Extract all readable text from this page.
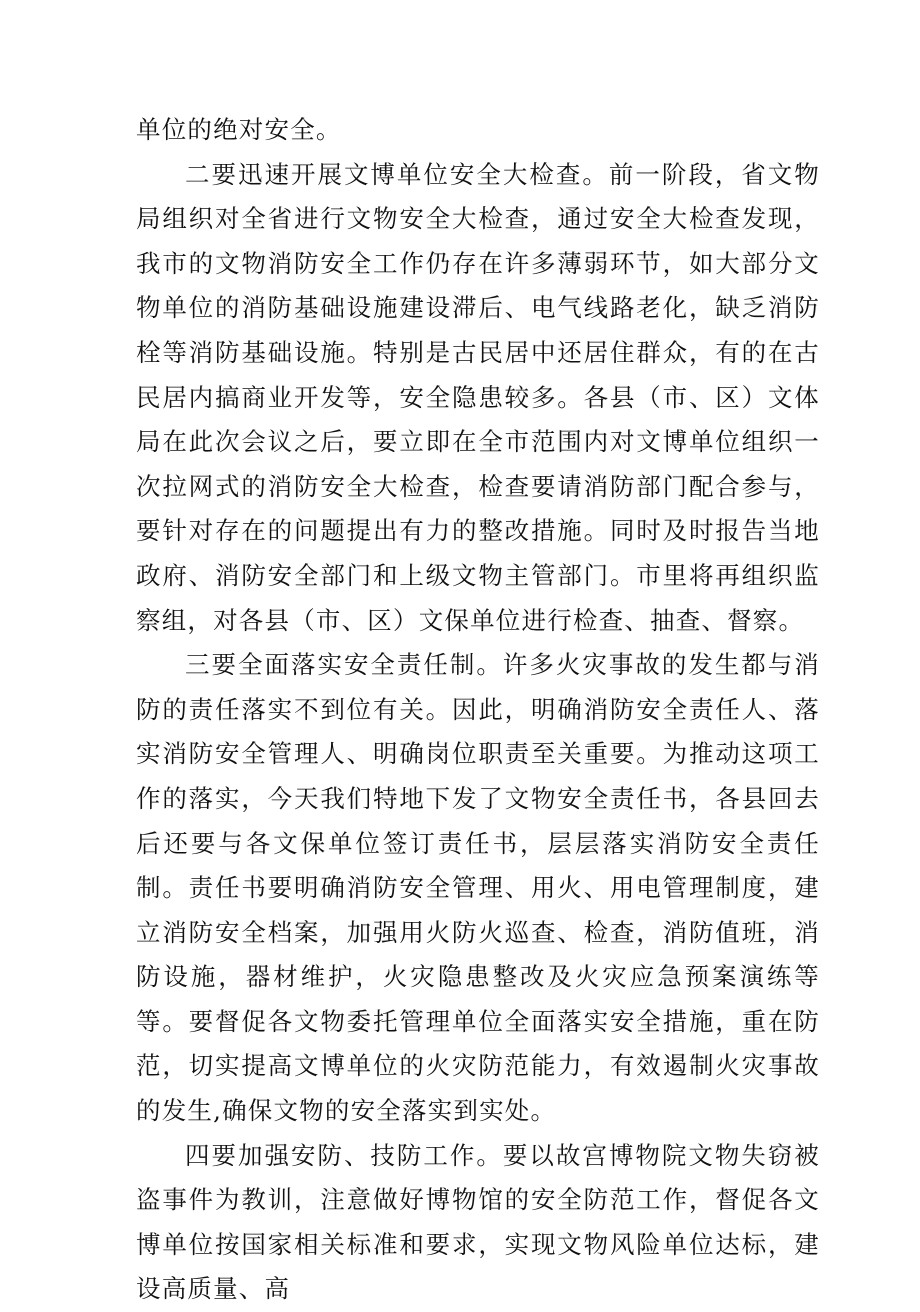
单位的绝对安全。

二要迅速开展文博单位安全大检查。前一阶段，省文物局组织对全省进行文物安全大检查，通过安全大检查发现，我市的文物消防安全工作仍存在许多薄弱环节，如大部分文物单位的消防基础设施建设滞后、电气线路老化，缺乏消防栓等消防基础设施。特别是古民居中还居住群众，有的在古民居内搞商业开发等，安全隐患较多。各县（市、区）文体局在此次会议之后，要立即在全市范围内对文博单位组织一次拉网式的消防安全大检查，检查要请消防部门配合参与，要针对存在的问题提出有力的整改措施。同时及时报告当地政府、消防安全部门和上级文物主管部门。市里将再组织监察组，对各县（市、区）文保单位进行检查、抽查、督察。

三要全面落实安全责任制。许多火灾事故的发生都与消防的责任落实不到位有关。因此，明确消防安全责任人、落实消防安全管理人、明确岗位职责至关重要。为推动这项工作的落实，今天我们特地下发了文物安全责任书，各县回去后还要与各文保单位签订责任书，层层落实消防安全责任制。责任书要明确消防安全管理、用火、用电管理制度，建立消防安全档案，加强用火防火巡查、检查，消防值班，消防设施，器材维护，火灾隐患整改及火灾应急预案演练等等。要督促各文物委托管理单位全面落实安全措施，重在防范，切实提高文博单位的火灾防范能力，有效遏制火灾事故的发生,确保文物的安全落实到实处。

四要加强安防、技防工作。要以故宫博物院文物失窃被盗事件为教训，注意做好博物馆的安全防范工作，督促各文博单位按国家相关标准和要求，实现文物风险单位达标，建设高质量、高
